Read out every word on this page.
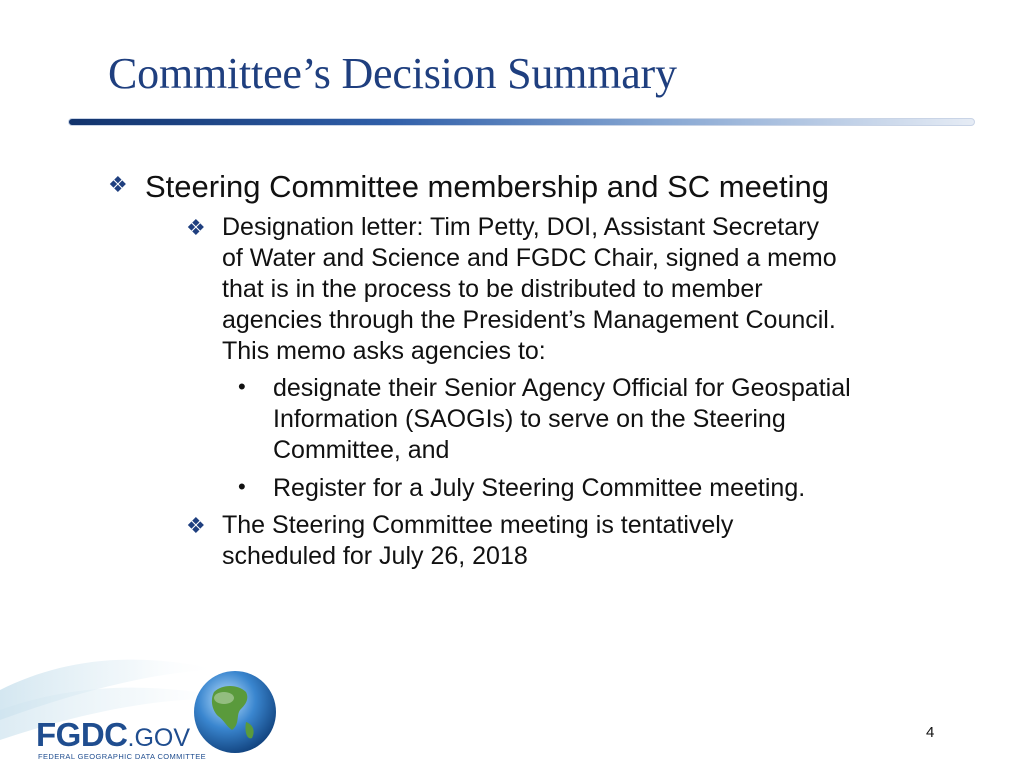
Committee’s Decision Summary
❖ Steering Committee membership and SC meeting

❖ Designation letter: Tim Petty, DOI, Assistant Secretary

of Water and Science and FGDC Chair, signed a memo

that is in the process to be distributed to member

agencies through the President’s Management Council.

This memo asks agencies to:

• designate their Senior Agency Official for Geospatial

Information (SAOGIs) to serve on the Steering

Committee, and

• Register for a July Steering Committee meeting.

❖ The Steering Committee meeting is tentatively

scheduled for July 26, 2018

FGDC.GOV
FEDERAL GEOGRAPHIC DATA COMMITTEE
4
